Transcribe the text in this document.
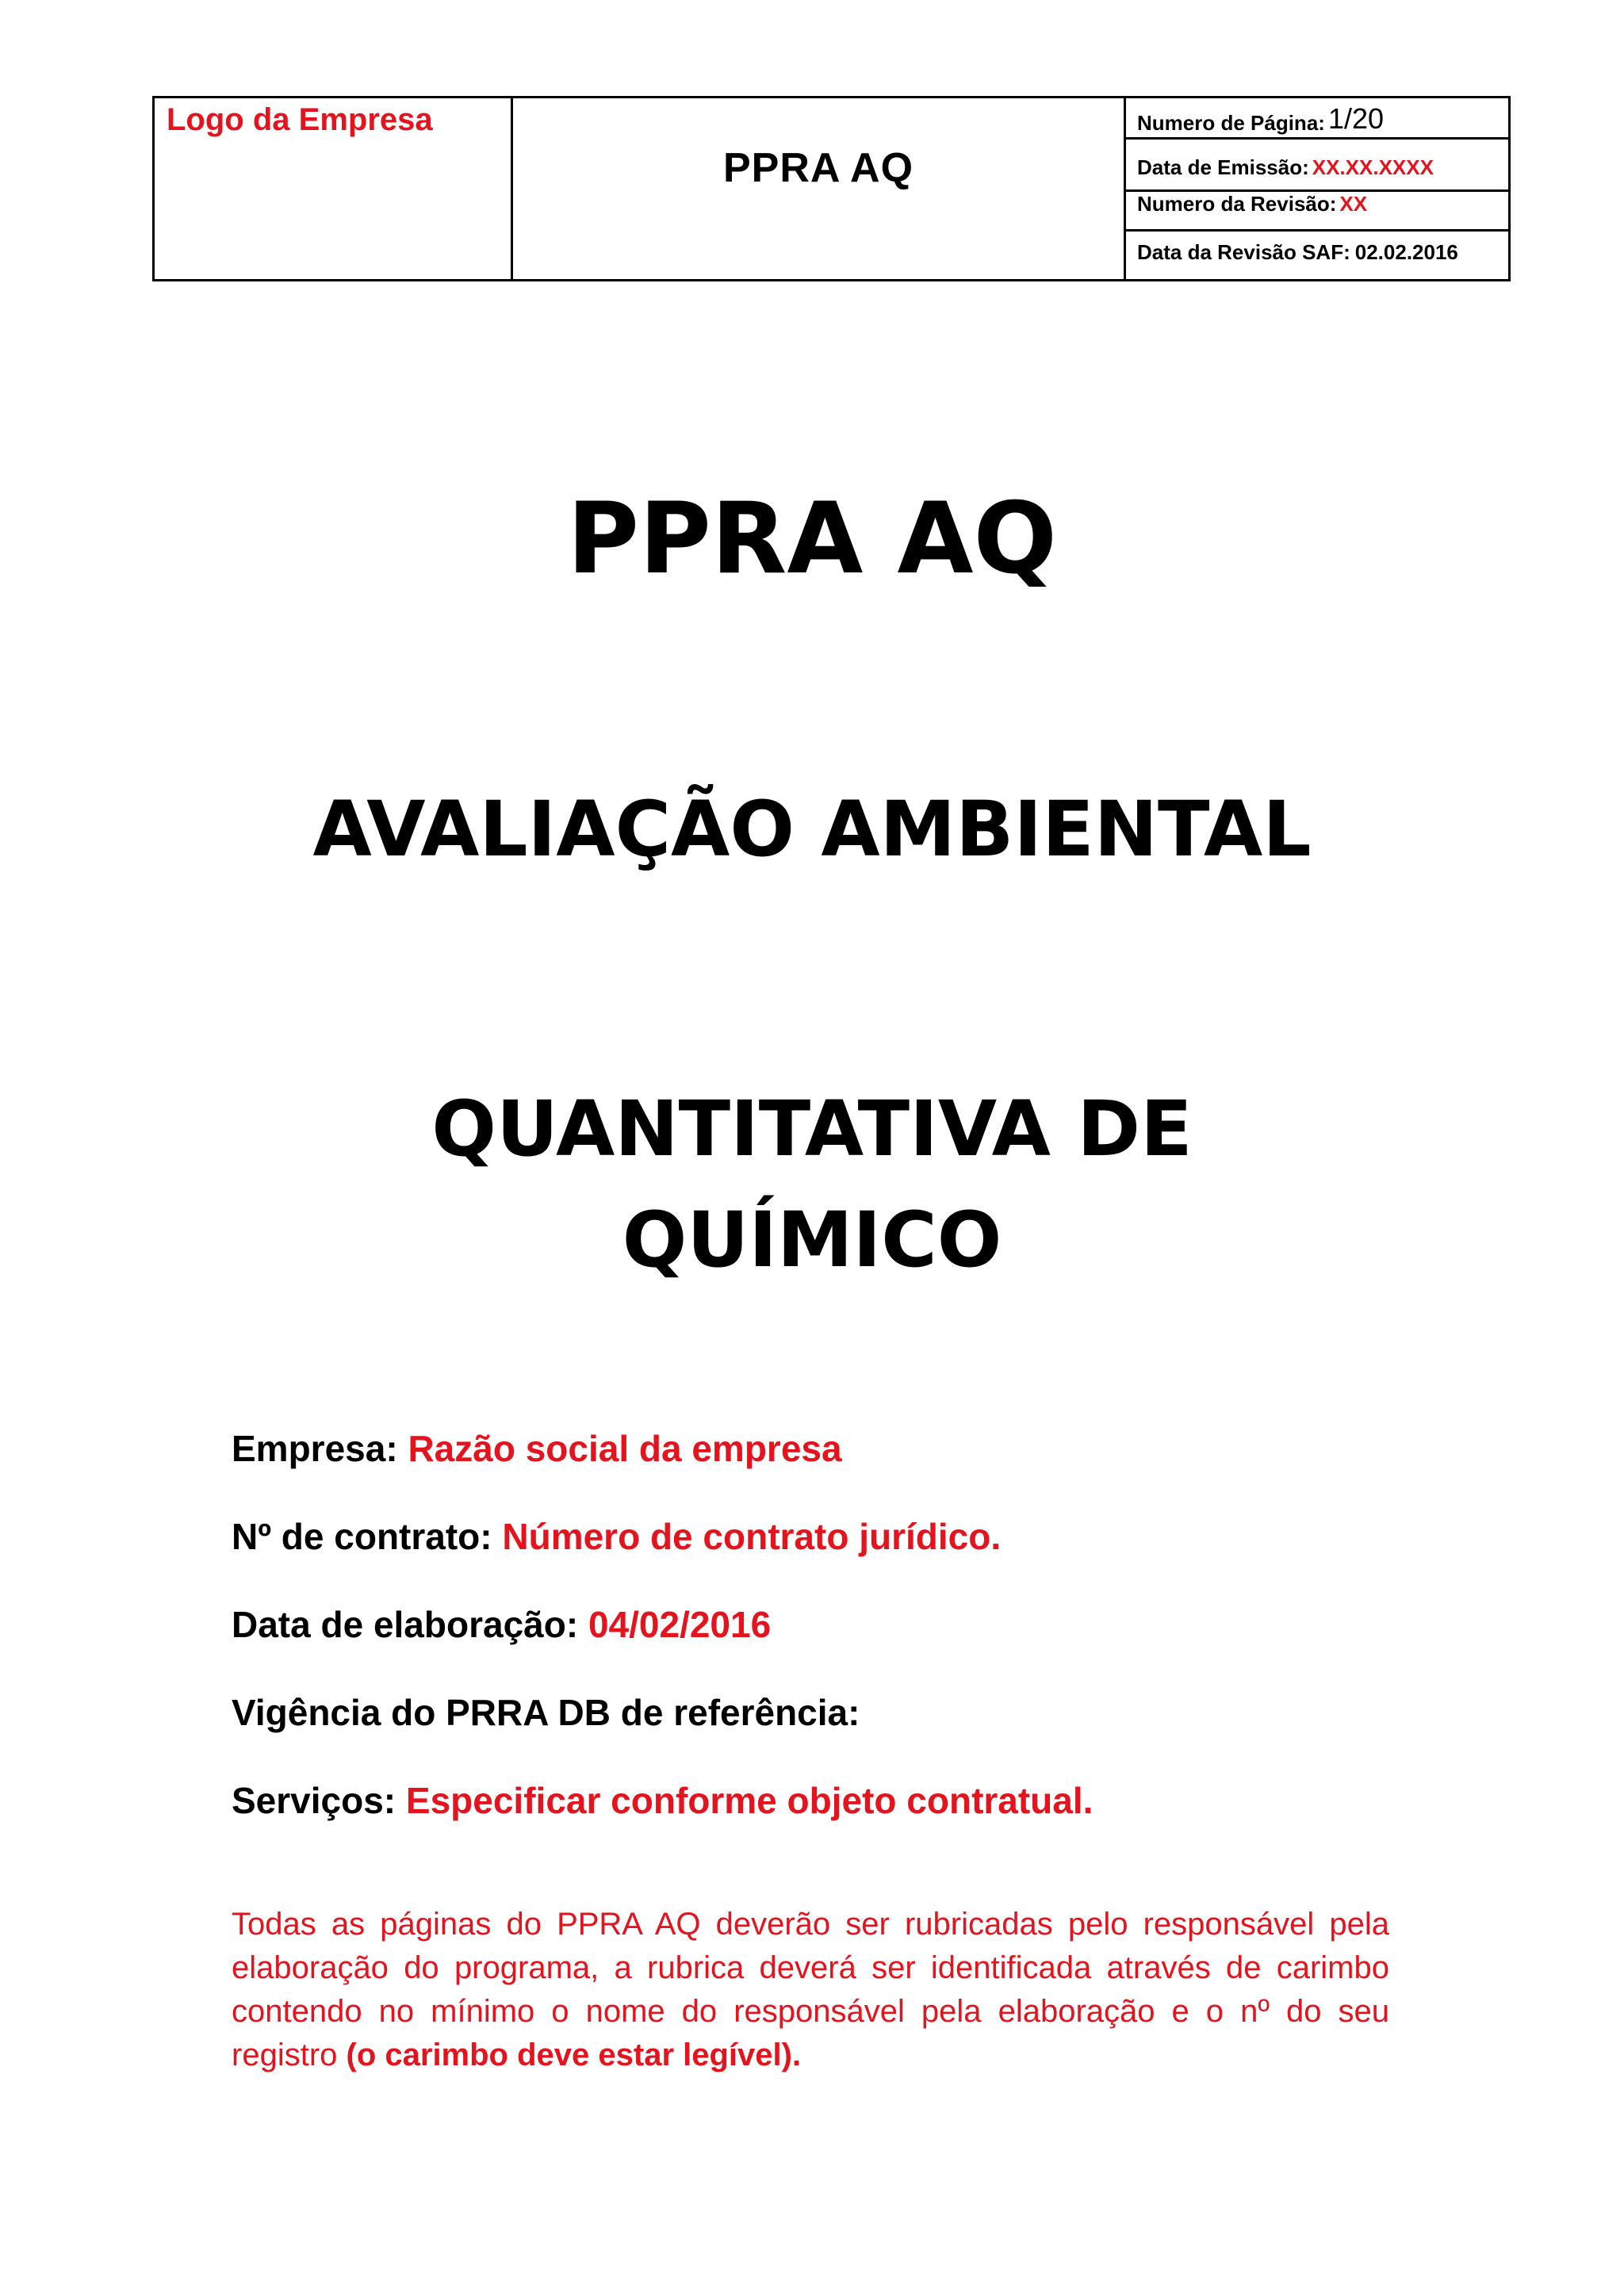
Logo da Empresa
PPRA AQ
Numero de Página: 1/20
Data de Emissão: XX.XX.XXXX
Numero da Revisão: XX
Data da Revisão SAF: 02.02.2016
PPRA AQ
AVALIAÇÃO AMBIENTAL
QUANTITATIVA DE
QUÍMICO
Empresa: Razão social da empresa
Nº de contrato: Número de contrato jurídico.
Data de elaboração: 04/02/2016
Vigência do PRRA DB de referência:
Serviços: Especificar conforme objeto contratual.

Todas as páginas do PPRA AQ deverão ser rubricadas pelo responsável pela elaboração do programa, a rubrica deverá ser identificada através de carimbo contendo no mínimo o nome do responsável pela elaboração e o nº do seu registro (o carimbo deve estar legível).
